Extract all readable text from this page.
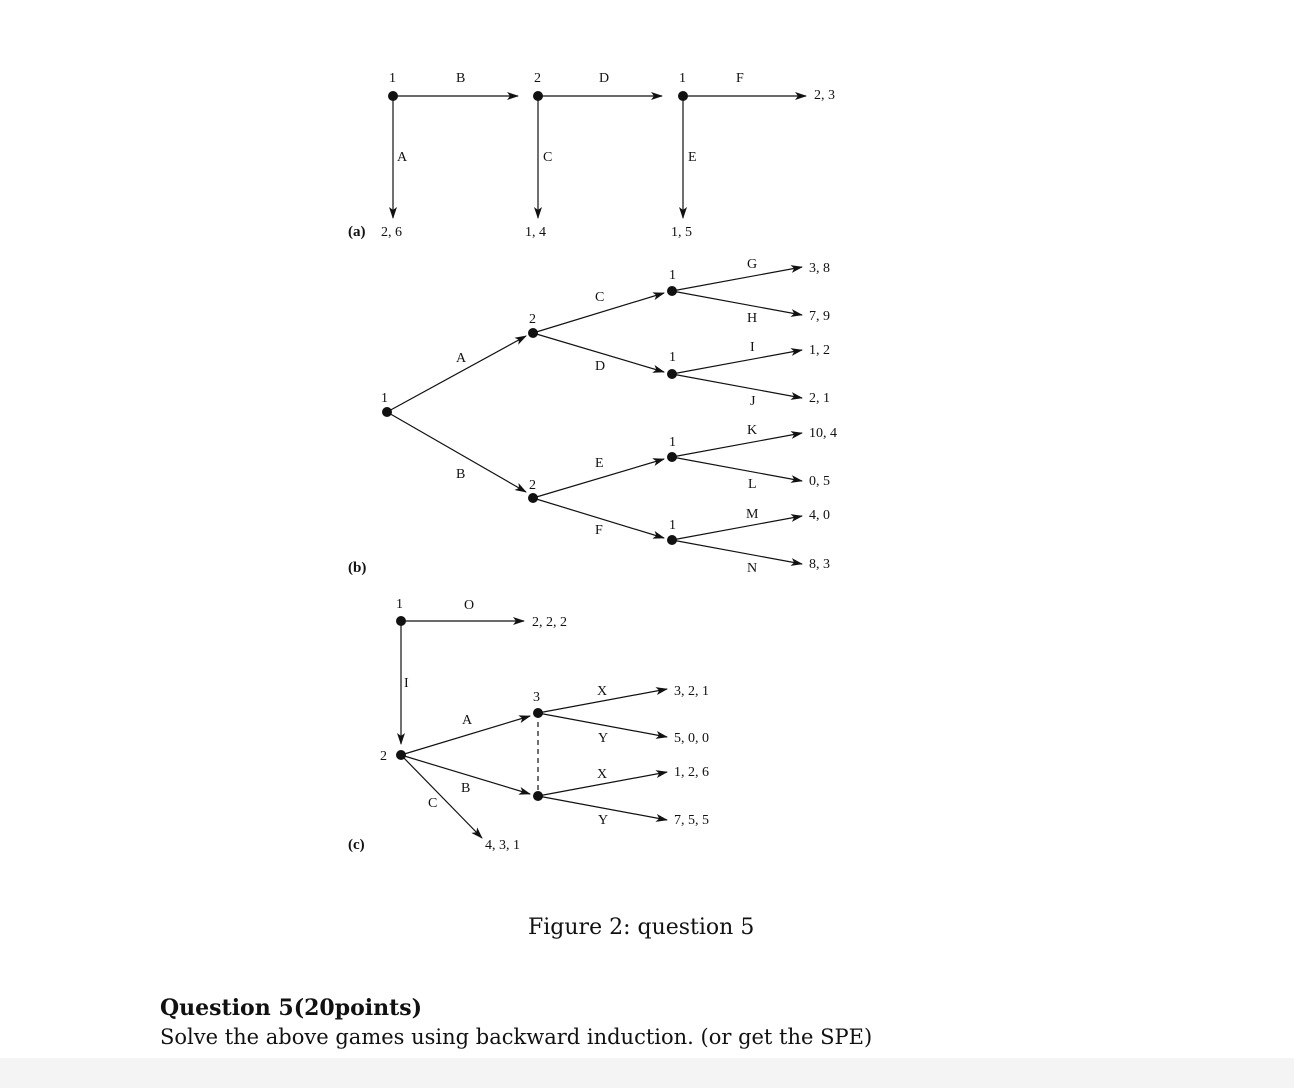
(a)
1	2	1
B	D	F
A	C	E
2, 6	1, 4	1, 5
2, 3
(b)
1
2
2
1
1
1
1
A
B
C
D
E
F
G
H
I
J
K
L
M
N
3, 8
7, 9
1, 2
2, 1
10, 4
0, 5
4, 0
8, 3
(c)
1
2
3
O
I
A
B
C
X
Y
X
Y
2, 2, 2
4, 3, 1
3, 2, 1
5, 0, 0
1, 2, 6
7, 5, 5
Figure 2: question 5
Question 5(20points)
Solve the above games using backward induction. (or get the SPE)
